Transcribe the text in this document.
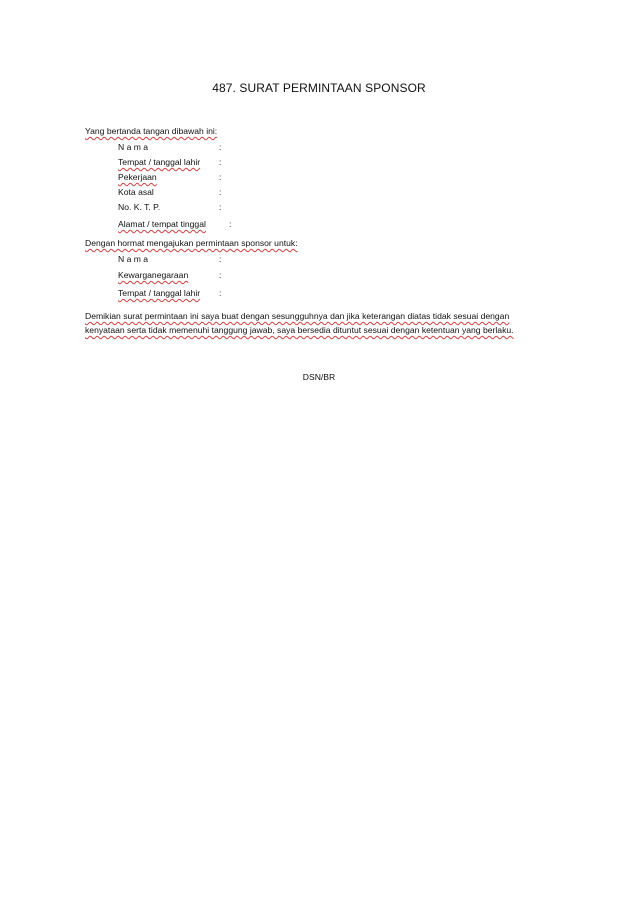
487. SURAT PERMINTAAN SPONSOR
Yang bertanda tangan dibawah ini:
N a m a	:
Tempat / tanggal lahir :
Pekerjaan	:
Kota asal	:
No. K. T. P.	:
Alamat / tempat tinggal	:
Dengan hormat mengajukan permintaan sponsor untuk:
N a m a	:
Kewarganegaraan	:
Tempat / tanggal lahir :
Demikian surat permintaan ini saya buat dengan sesungguhnya dan jika keterangan diatas tidak sesuai dengan
kenyataan serta tidak memenuhi tanggung jawab, saya bersedia dituntut sesuai dengan ketentuan yang berlaku.
DSN/BR
